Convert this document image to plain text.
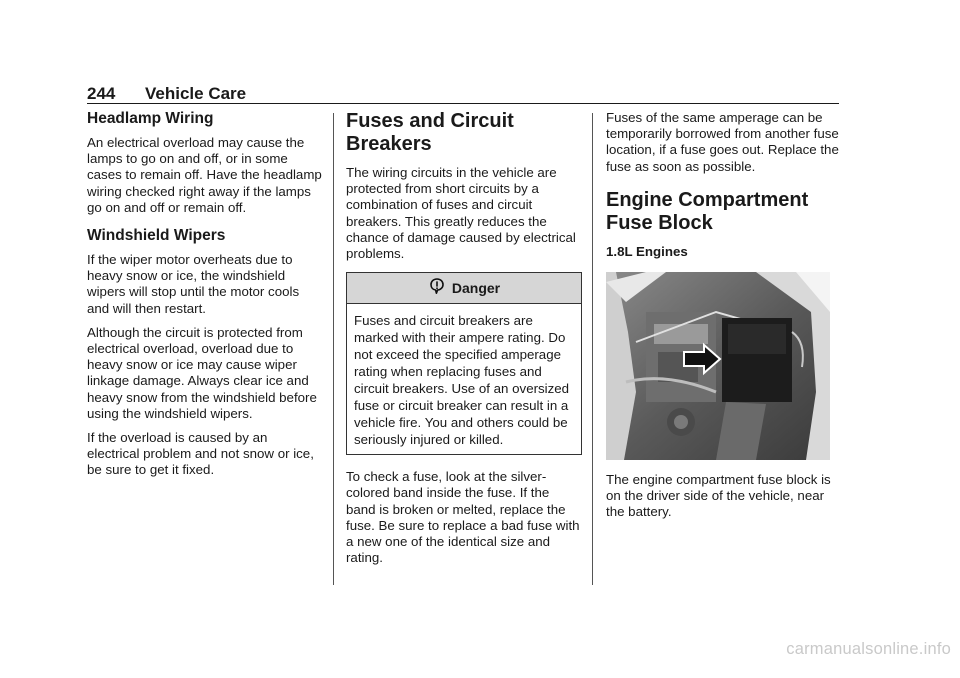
244 Vehicle Care
Headlamp Wiring

An electrical overload may cause the lamps to go on and off, or in some cases to remain off. Have the headlamp wiring checked right away if the lamps go on and off or remain off.

Windshield Wipers

If the wiper motor overheats due to heavy snow or ice, the windshield wipers will stop until the motor cools and will then restart.

Although the circuit is protected from electrical overload, overload due to heavy snow or ice may cause wiper linkage damage. Always clear ice and heavy snow from the windshield before using the windshield wipers.

If the overload is caused by an electrical problem and not snow or ice, be sure to get it fixed.

Fuses and Circuit Breakers

The wiring circuits in the vehicle are protected from short circuits by a combination of fuses and circuit breakers. This greatly reduces the chance of damage caused by electrical problems.

Danger
Fuses and circuit breakers are marked with their ampere rating. Do not exceed the specified amperage rating when replacing fuses and circuit breakers. Use of an oversized fuse or circuit breaker can result in a vehicle fire. You and others could be seriously injured or killed.

To check a fuse, look at the silver-colored band inside the fuse. If the band is broken or melted, replace the fuse. Be sure to replace a bad fuse with a new one of the identical size and rating.

Fuses of the same amperage can be temporarily borrowed from another fuse location, if a fuse goes out. Replace the fuse as soon as possible.

Engine Compartment Fuse Block
1.8L Engines

The engine compartment fuse block is on the driver side of the vehicle, near the battery.

carmanualsonline.info
